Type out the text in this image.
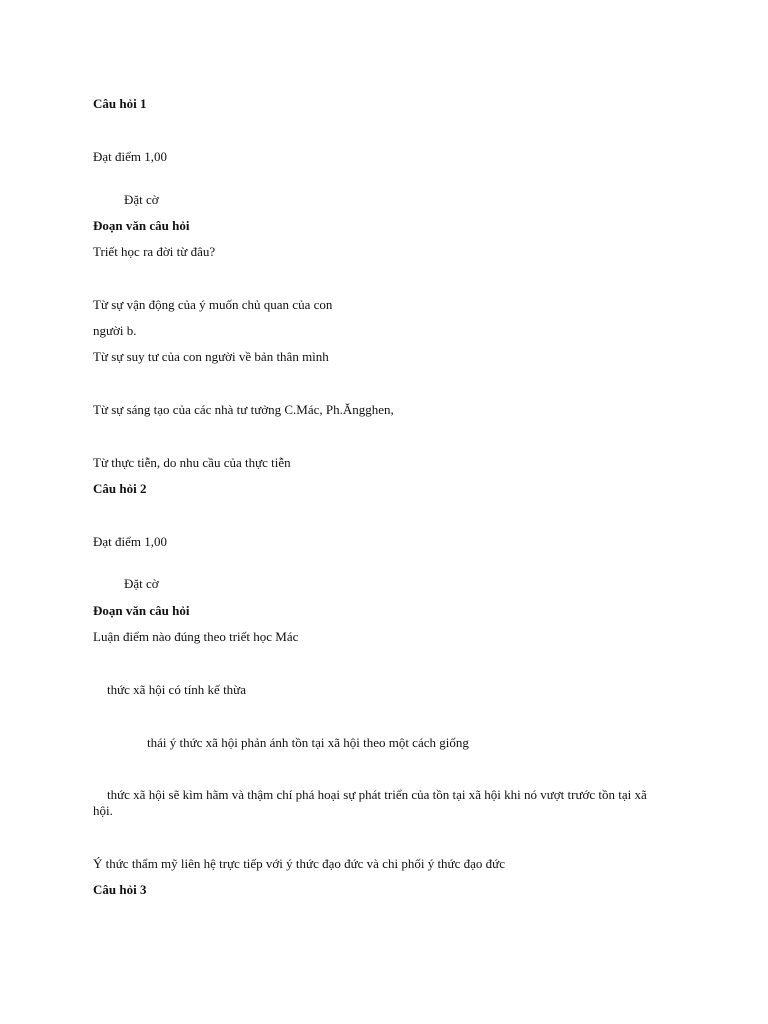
Câu hỏi 1
Đạt điểm 1,00
Đặt cờ
Đoạn văn câu hỏi
Triết học ra đời từ đâu?
Từ sự vận động của ý muốn chủ quan của con
người b.
Từ sự suy tư của con người về bản thân mình
Từ sự sáng tạo của các nhà tư tưởng C.Mác, Ph.Ăngghen,
Từ thực tiễn, do nhu cầu của thực tiễn
Câu hỏi 2
Đạt điểm 1,00
Đặt cờ
Đoạn văn câu hỏi
Luận điểm nào đúng theo triết học Mác
thức xã hội có tính kế thừa
thái ý thức xã hội phản ánh tồn tại xã hội theo một cách giống
thức xã hội sẽ kìm hãm và thậm chí phá hoại sự phát triển của tồn tại xã hội khi nó vượt trước tồn tại xã hội.
Ý thức thẩm mỹ liên hệ trực tiếp với ý thức đạo đức và chi phối ý thức đạo đức
Câu hỏi 3
